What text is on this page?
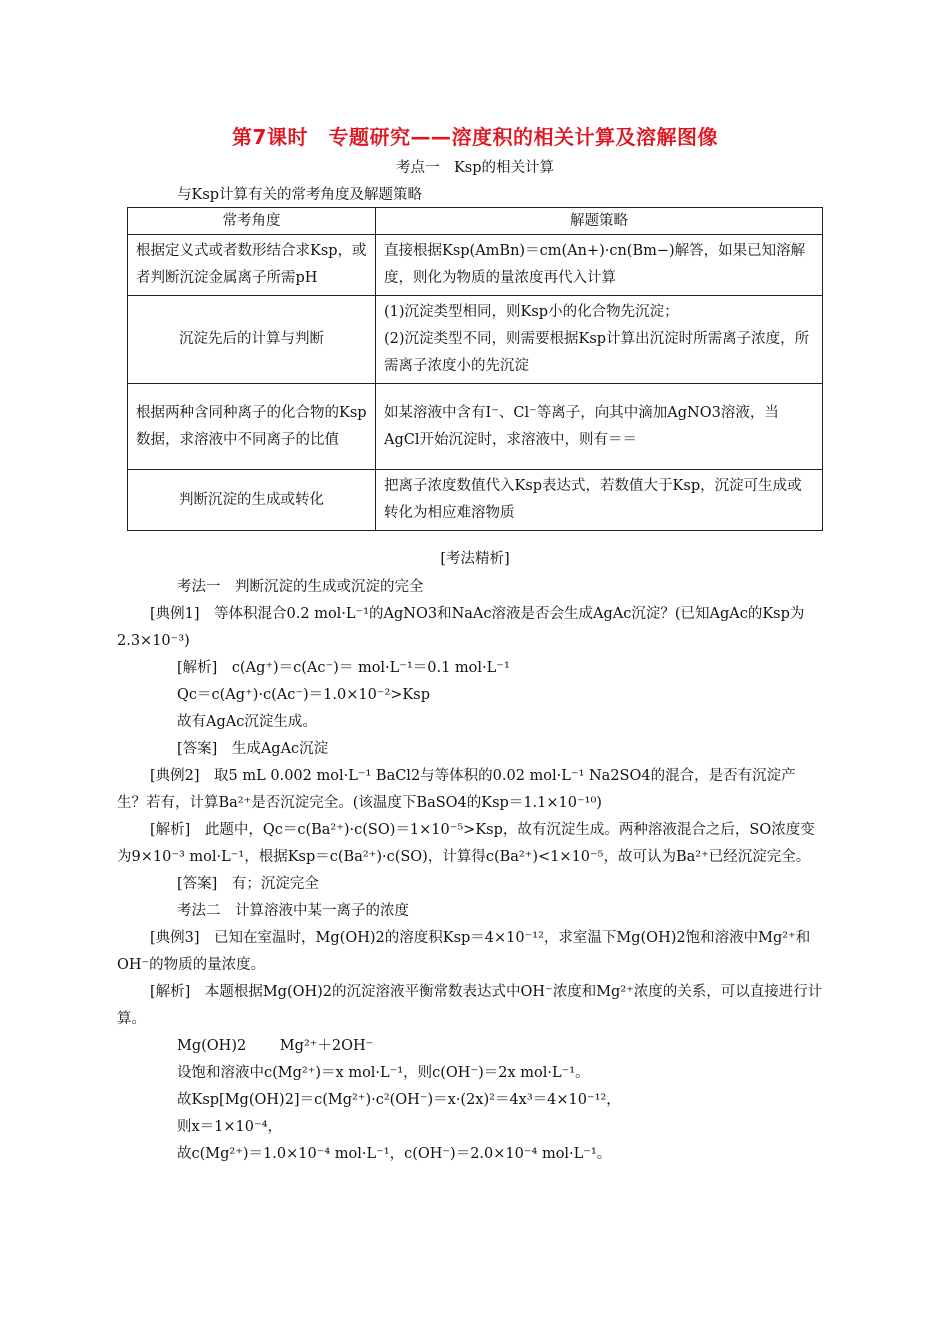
第7课时　专题研究——溶度积的相关计算及溶解图像
考点一　Ksp的相关计算
与Ksp计算有关的常考角度及解题策略
常考角度	解题策略
根据定义式或者数形结合求Ksp，或者判断沉淀金属离子所需pH	直接根据Ksp(AmBn)＝cm(An+)·cn(Bm−)解答，如果已知溶解度，则化为物质的量浓度再代入计算
沉淀先后的计算与判断	(1)沉淀类型相同，则Ksp小的化合物先沉淀；
(2)沉淀类型不同，则需要根据Ksp计算出沉淀时所需离子浓度，所需离子浓度小的先沉淀
根据两种含同种离子的化合物的Ksp数据，求溶液中不同离子的比值	如某溶液中含有I⁻、Cl⁻等离子，向其中滴加AgNO3溶液，当AgCl开始沉淀时，求溶液中，则有＝＝
判断沉淀的生成或转化	把离子浓度数值代入Ksp表达式，若数值大于Ksp，沉淀可生成或转化为相应难溶物质
[考法精析]

考法一　判断沉淀的生成或沉淀的完全

[典例1]　等体积混合0.2 mol·L⁻¹的AgNO3和NaAc溶液是否会生成AgAc沉淀？(已知AgAc的Ksp为2.3×10⁻³)

[解析]　c(Ag⁺)＝c(Ac⁻)＝ mol·L⁻¹＝0.1 mol·L⁻¹

Qc＝c(Ag⁺)·c(Ac⁻)＝1.0×10⁻²>Ksp

故有AgAc沉淀生成。

[答案]　生成AgAc沉淀

[典例2]　取5 mL 0.002 mol·L⁻¹ BaCl2与等体积的0.02 mol·L⁻¹ Na2SO4的混合，是否有沉淀产生？若有，计算Ba²⁺是否沉淀完全。(该温度下BaSO4的Ksp＝1.1×10⁻¹⁰)

[解析]　此题中，Qc＝c(Ba²⁺)·c(SO)＝1×10⁻⁵>Ksp，故有沉淀生成。两种溶液混合之后，SO浓度变为9×10⁻³ mol·L⁻¹，根据Ksp＝c(Ba²⁺)·c(SO)，计算得c(Ba²⁺)<1×10⁻⁵，故可认为Ba²⁺已经沉淀完全。

[答案]　有；沉淀完全

考法二　计算溶液中某一离子的浓度

[典例3]　已知在室温时，Mg(OH)2的溶度积Ksp＝4×10⁻¹²，求室温下Mg(OH)2饱和溶液中Mg²⁺和OH⁻的物质的量浓度。

[解析]　本题根据Mg(OH)2的沉淀溶液平衡常数表达式中OH⁻浓度和Mg²⁺浓度的关系，可以直接进行计算。

Mg(OH)2　　 Mg²⁺＋2OH⁻

设饱和溶液中c(Mg²⁺)＝x mol·L⁻¹，则c(OH⁻)＝2x mol·L⁻¹。

故Ksp[Mg(OH)2]＝c(Mg²⁺)·c²(OH⁻)＝x·(2x)²＝4x³＝4×10⁻¹²，

则x＝1×10⁻⁴，

故c(Mg²⁺)＝1.0×10⁻⁴ mol·L⁻¹，c(OH⁻)＝2.0×10⁻⁴ mol·L⁻¹。
